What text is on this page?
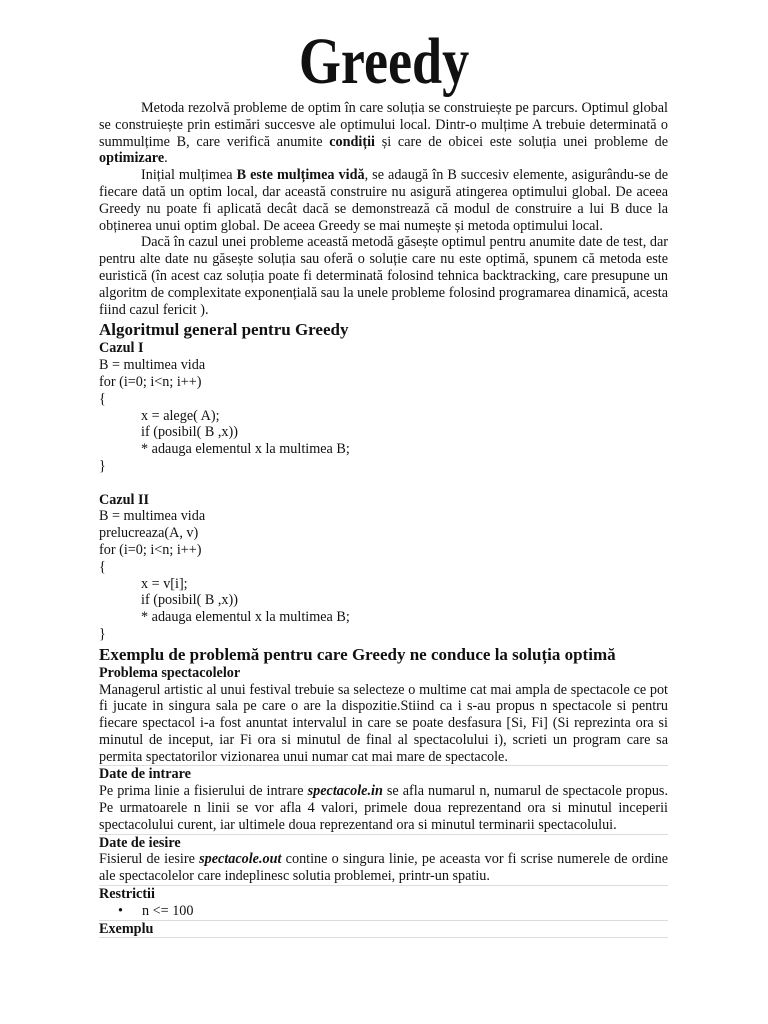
Greedy

Metoda rezolvă probleme de optim în care soluția se construiește pe parcurs. Optimul global se construiește prin estimări succesve ale optimului local. Dintr-o mulțime A trebuie determinată o summulțime B, care verifică anumite condiții și care de obicei este soluția unei probleme de optimizare.

Inițial mulțimea B este mulțimea vidă, se adaugă în B succesiv elemente, asigurându-se de fiecare dată un optim local, dar această construire nu asigură atingerea optimului global. De aceea Greedy nu poate fi aplicată decât dacă se demonstrează că modul de construire a lui B duce la obținerea unui optim global. De aceea Greedy se mai numește și metoda optimului local.

Dacă în cazul unei probleme această metodă găsește optimul pentru anumite date de test, dar pentru alte date nu găsește soluția sau oferă o soluție care nu este optimă, spunem că metoda este euristică (în acest caz soluția poate fi determinată folosind tehnica backtracking, care presupune un algoritm de complexitate exponențială sau la unele probleme folosind programarea dinamică, acesta fiind cazul fericit ).

Algoritmul general pentru Greedy
Cazul I
B = multimea vida
for (i=0; i<n; i++)
{
x = alege( A);
if (posibil( B ,x))
* adauga elementul x la multimea B;
}
Cazul II
B = multimea vida
prelucreaza(A, v)
for (i=0; i<n; i++)
{
x = v[i];
if (posibil( B ,x))
* adauga elementul x la multimea B;
}
Exemplu de problemă pentru care Greedy ne conduce la soluția optimă
Problema spectacolelor

Managerul artistic al unui festival trebuie sa selecteze o multime cat mai ampla de spectacole ce pot fi jucate in singura sala pe care o are la dispozitie.Stiind ca i s-au propus n spectacole si pentru fiecare spectacol i-a fost anuntat intervalul in care se poate desfasura [Si, Fi] (Si reprezinta ora si minutul de inceput, iar Fi ora si minutul de final al spectacolului i), scrieti un program care sa permita spectatorilor vizionarea unui numar cat mai mare de spectacole.

Date de intrare

Pe prima linie a fisierului de intrare spectacole.in se afla numarul n, numarul de spectacole propus. Pe urmatoarele n linii se vor afla 4 valori, primele doua reprezentand ora si minutul inceperii spectacolului curent, iar ultimele doua reprezentand ora si minutul terminarii spectacolului.

Date de iesire

Fisierul de iesire spectacole.out contine o singura linie, pe aceasta vor fi scrise numerele de ordine ale spectacolelor care indeplinesc solutia problemei, printr-un spatiu.

Restrictii
• n <= 100
Exemplu
